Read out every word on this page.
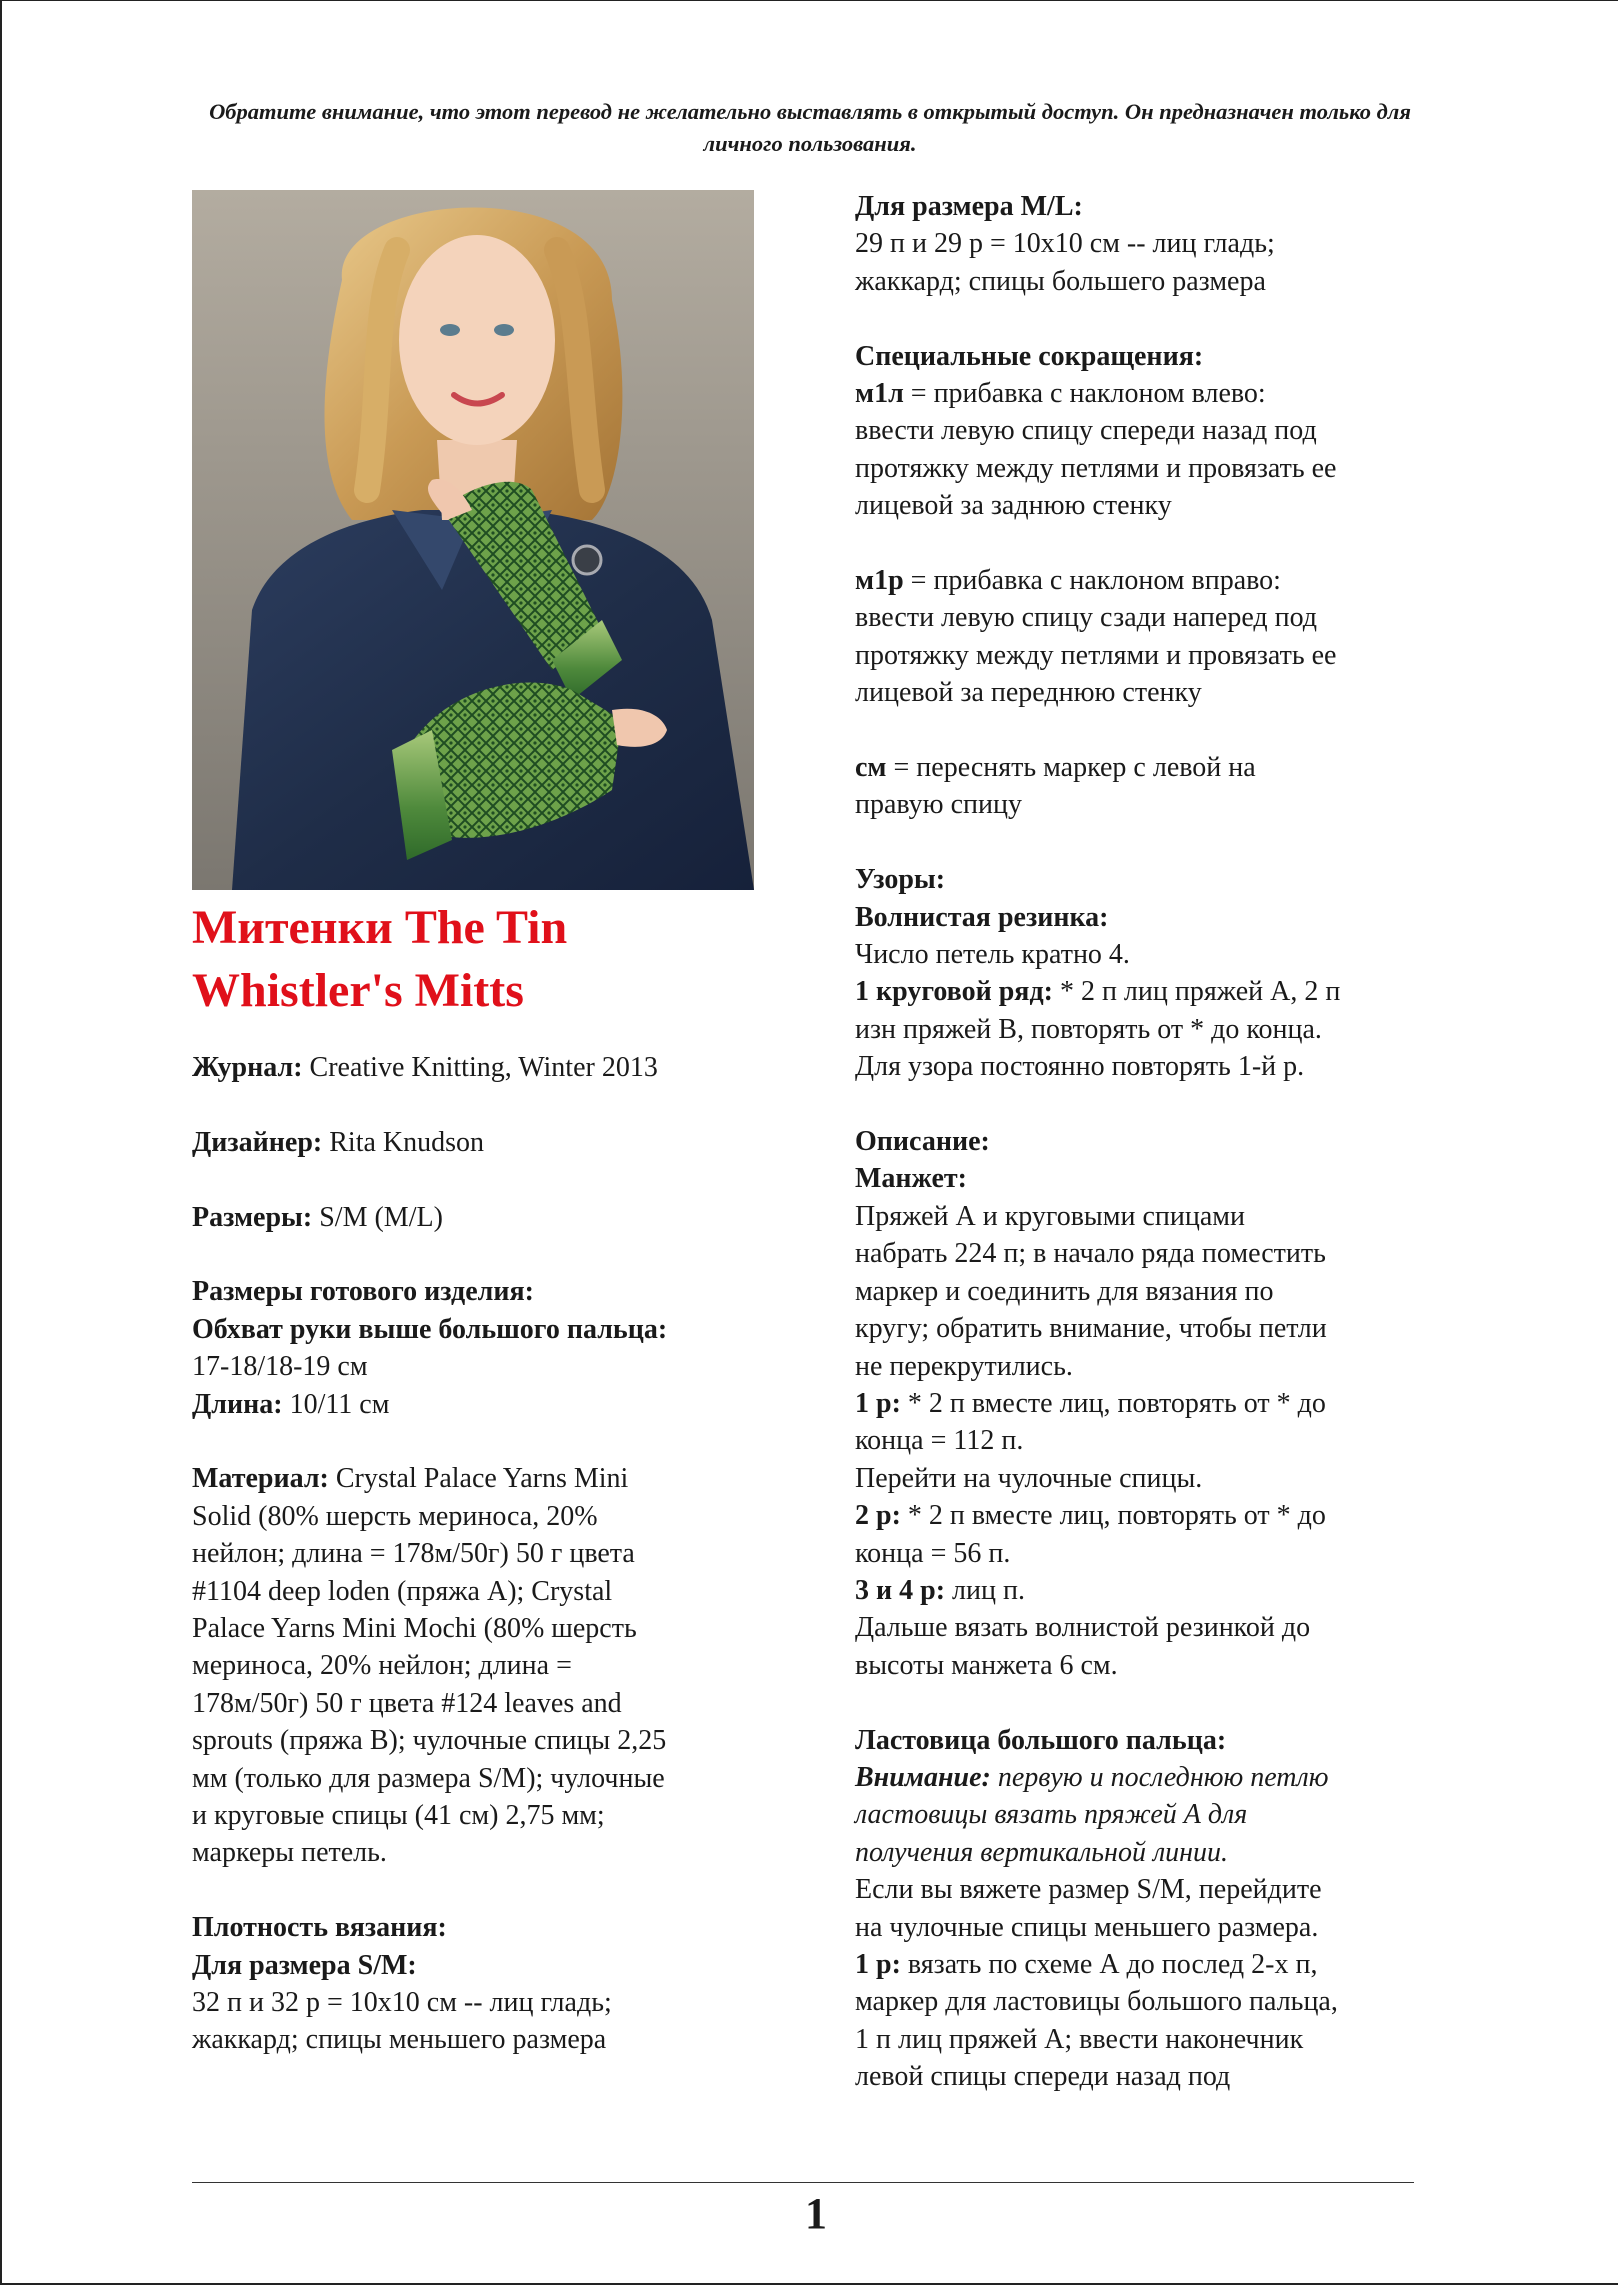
Обратите внимание, что этот перевод не желательно выставлять в открытый доступ. Он предназначен только для личного пользования.

Митенки The Tin
Whistler's Mitts

Журнал: Creative Knitting, Winter 2013

Дизайнер: Rita Knudson

Размеры: S/M (M/L)

Размеры готового изделия:

Обхват руки выше большого пальца:

17-18/18-19 см

Длина: 10/11 см

Материал: Crystal Palace Yarns Mini
Solid (80% шерсть мериноса, 20%
нейлон; длина = 178м/50г) 50 г цвета
#1104 deep loden (пряжа А); Crystal
Palace Yarns Mini Mochi (80% шерсть
мериноса, 20% нейлон; длина =
178м/50г) 50 г цвета #124 leaves and
sprouts (пряжа В); чулочные спицы 2,25
мм (только для размера S/M); чулочные
и круговые спицы (41 см) 2,75 мм;
маркеры петель.

Плотность вязания:

Для размера S/M:

32 п и 32 р = 10х10 см -- лиц гладь;
жаккард; спицы меньшего размера

Для размера M/L:

29 п и 29 р = 10х10 см -- лиц гладь;
жаккард; спицы большего размера

Специальные сокращения:

м1л = прибавка с наклоном влево:
ввести левую спицу спереди назад под
протяжку между петлями и провязать ее
лицевой за заднюю стенку

м1р = прибавка с наклоном вправо:
ввести левую спицу сзади наперед под
протяжку между петлями и провязать ее
лицевой за переднюю стенку

см = переснять маркер с левой на
правую спицу

Узоры:

Волнистая резинка:

Число петель кратно 4.

1 круговой ряд: * 2 п лиц пряжей А, 2 п
изн пряжей В, повторять от * до конца.
Для узора постоянно повторять 1-й р.

Описание:

Манжет:

Пряжей А и круговыми спицами
набрать 224 п; в начало ряда поместить
маркер и соединить для вязания по
кругу; обратить внимание, чтобы петли
не перекрутились.

1 р: * 2 п вместе лиц, повторять от * до
конца = 112 п.

Перейти на чулочные спицы.

2 р: * 2 п вместе лиц, повторять от * до
конца = 56 п.

3 и 4 р: лиц п.

Дальше вязать волнистой резинкой до
высоты манжета 6 см.

Ластовица большого пальца:

Внимание: первую и последнюю петлю
ластовицы вязать пряжей А для
получения вертикальной линии.

Если вы вяжете размер S/M, перейдите
на чулочные спицы меньшего размера.

1 р: вязать по схеме А до послед 2-х п,
маркер для ластовицы большого пальца,
1 п лиц пряжей А; ввести наконечник
левой спицы спереди назад под

1
